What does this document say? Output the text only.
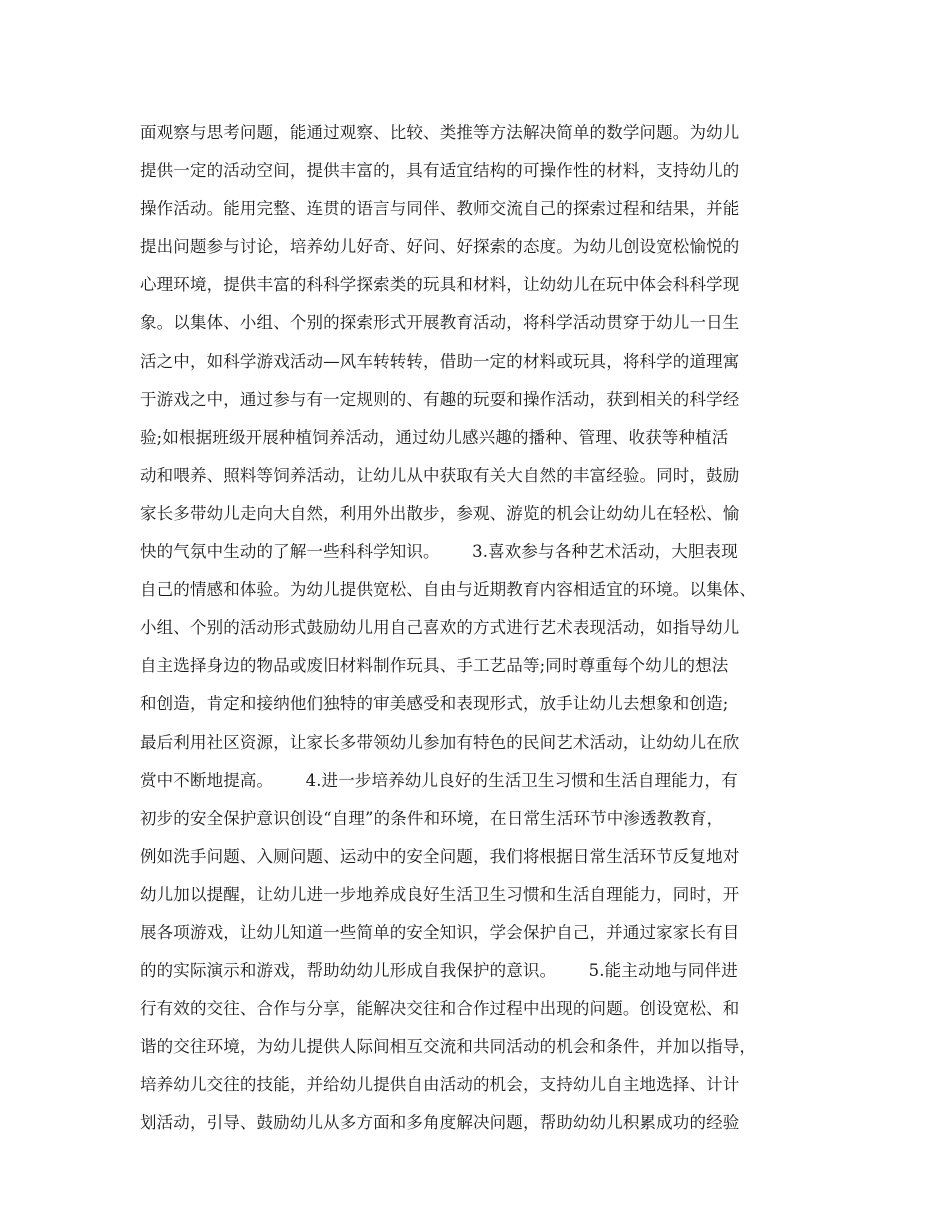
面观察与思考问题，能通过观察、比较、类推等方法解决简单的数学问题。为幼儿
提供一定的活动空间，提供丰富的，具有适宜结构的可操作性的材料，支持幼儿的
操作活动。能用完整、连贯的语言与同伴、教师交流自己的探索过程和结果，并能
提出问题参与讨论，培养幼儿好奇、好问、好探索的态度。为幼儿创设宽松愉悦的
心理环境，提供丰富的科科学探索类的玩具和材料，让幼幼儿在玩中体会科科学现
象。以集体、小组、个别的探索形式开展教育活动，将科学活动贯穿于幼儿一日生
活之中，如科学游戏活动—风车转转转，借助一定的材料或玩具，将科学的道理寓
于游戏之中，通过参与有一定规则的、有趣的玩耍和操作活动，获到相关的科学经
验;如根据班级开展种植饲养活动，通过幼儿感兴趣的播种、管理、收获等种植活
动和喂养、照料等饲养活动，让幼儿从中获取有关大自然的丰富经验。同时，鼓励
家长多带幼儿走向大自然，利用外出散步，参观、游览的机会让幼幼儿在轻松、愉
快的气氛中生动的了解一些科科学知识。      3.喜欢参与各种艺术活动，大胆表现
自己的情感和体验。为幼儿提供宽松、自由与近期教育内容相适宜的环境。以集体、
小组、个别的活动形式鼓励幼儿用自己喜欢的方式进行艺术表现活动，如指导幼儿
自主选择身边的物品或废旧材料制作玩具、手工艺品等;同时尊重每个幼儿的想法
和创造，肯定和接纳他们独特的审美感受和表现形式，放手让幼儿去想象和创造;
最后利用社区资源，让家长多带领幼儿参加有特色的民间艺术活动，让幼幼儿在欣
赏中不断地提高。      4.进一步培养幼儿良好的生活卫生习惯和生活自理能力，有
初步的安全保护意识创设“自理”的条件和环境，在日常生活环节中渗透教教育，
例如洗手问题、入厕问题、运动中的安全问题，我们将根据日常生活环节反复地对
幼儿加以提醒，让幼儿进一步地养成良好生活卫生习惯和生活自理能力，同时，开
展各项游戏，让幼儿知道一些简单的安全知识，学会保护自己，并通过家家长有目
的的实际演示和游戏，帮助幼幼儿形成自我保护的意识。      5.能主动地与同伴进
行有效的交往、合作与分享，能解决交往和合作过程中出现的问题。创设宽松、和
谐的交往环境，为幼儿提供人际间相互交流和共同活动的机会和条件，并加以指导，
培养幼儿交往的技能，并给幼儿提供自由活动的机会，支持幼儿自主地选择、计计
划活动，引导、鼓励幼儿从多方面和多角度解决问题，帮助幼幼儿积累成功的经验
